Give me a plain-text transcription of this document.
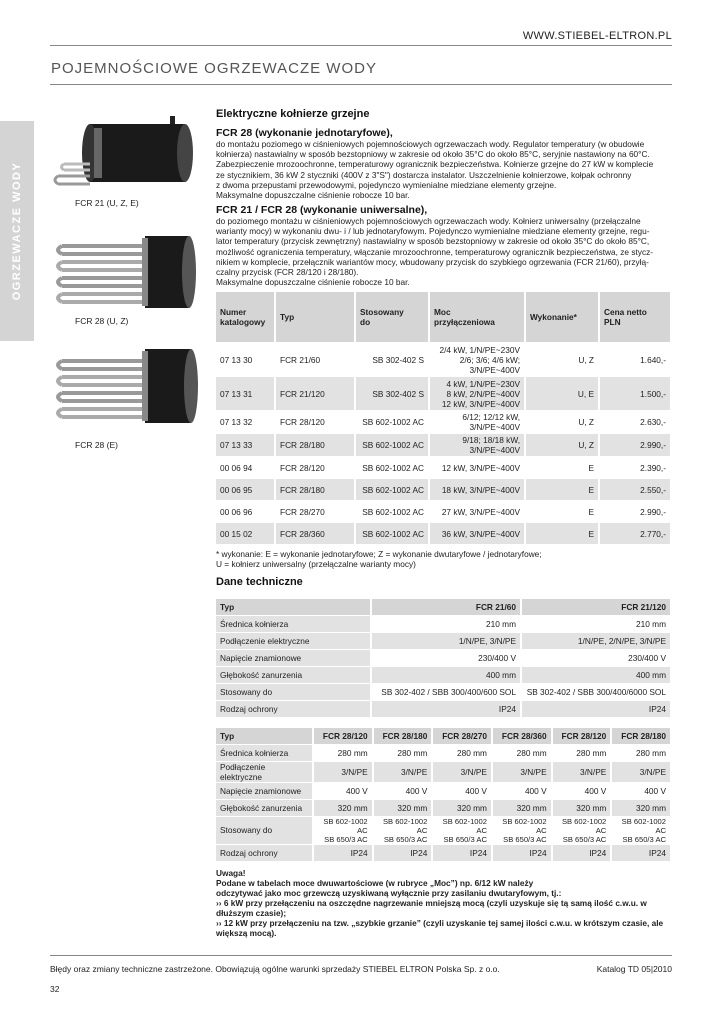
WWW.STIEBEL-ELTRON.PL
POJEMNOŚCIOWE OGRZEWACZE WODY
OGRZEWACZE WODY	FCR 21 (U, Z, E)
FCR 28 (U, Z)
FCR 28 (E)
Elektryczne kołnierze grzejne
FCR 28 (wykonanie jednotaryfowe),
do montażu poziomego w ciśnieniowych pojemnościowych ogrzewaczach wody. Regulator temperatury (w obudowie
kołnierza) nastawialny w sposób bezstopniowy w zakresie od około 35°C do około 85°C, seryjnie nastawiony na 60°C.
Zabezpieczenie mrozoochronne, temperaturowy ogranicznik bezpieczeństwa. Kołnierze grzejne do 27 kW w komplecie
ze stycznikiem, 36 kW 2 styczniki (400V z 3"S") dostarcza instalator. Uszczelnienie kołnierzowe, kołpak ochronny
z dwoma przepustami przewodowymi, pojedynczo wymienialne miedziane elementy grzejne.
Maksymalne dopuszczalne ciśnienie robocze 10 bar.
FCR 21 / FCR 28 (wykonanie uniwersalne),
do poziomego montażu w ciśnieniowych pojemnościowych ogrzewaczach wody. Kołnierz uniwersalny (przełączalne
warianty mocy) w wykonaniu dwu- i / lub jednotaryfowym. Pojedynczo wymienialne miedziane elementy grzejne, regu-
lator temperatury (przycisk zewnętrzny) nastawialny w sposób bezstopniowy w zakresie od około 35°C do około 85°C,
możliwość ograniczenia temperatury, włączanie mrozoochronne, temperaturowy ogranicznik bezpieczeństwa, ze stycz-
nikiem w komplecie, przełącznik wariantów mocy, wbudowany przycisk do szybkiego ogrzewania (FCR 21/60), przyłą-
czalny przycisk (FCR 28/120 i 28/180).
Maksymalne dopuszczalne ciśnienie robocze 10 bar.
Numer
katalogowy	Typ	Stosowany
do	Moc
przyłączeniowa	Wykonanie*	Cena netto
PLN
07 13 30	FCR 21/60	SB 302-402 S	2/4 kW, 1/N/PE~230V
2/6; 3/6; 4/6 kW;
3/N/PE~400V	U, Z	1.640,-
07 13 31	FCR 21/120	SB 302-402 S	4 kW, 1/N/PE~230V
8 kW, 2/N/PE~400V
12 kW, 3/N/PE~400V	U, E	1.500,-
07 13 32	FCR 28/120	SB 602-1002 AC	6/12; 12/12 kW,
3/N/PE~400V	U, Z	2.630,-
07 13 33	FCR 28/180	SB 602-1002 AC	9/18; 18/18 kW,
3/N/PE~400V	U, Z	2.990,-
00 06 94	FCR 28/120	SB 602-1002 AC	12 kW, 3/N/PE~400V	E	2.390,-
00 06 95	FCR 28/180	SB 602-1002 AC	18 kW, 3/N/PE~400V	E	2.550,-
00 06 96	FCR 28/270	SB 602-1002 AC	27 kW, 3/N/PE~400V	E	2.990,-
00 15 02	FCR 28/360	SB 602-1002 AC	36 kW, 3/N/PE~400V	E	2.770,-
* wykonanie: E = wykonanie jednotaryfowe; Z = wykonanie dwutaryfowe / jednotaryfowe;
U = kołnierz uniwersalny (przełączalne warianty mocy)
Dane techniczne
Typ	FCR 21/60	FCR 21/120
Średnica kołnierza	210 mm	210 mm
Podłączenie elektryczne	1/N/PE, 3/N/PE	1/N/PE, 2/N/PE, 3/N/PE
Napięcie znamionowe	230/400 V	230/400 V
Głębokość zanurzenia	400 mm	400 mm
Stosowany do	SB 302-402 / SBB 300/400/600 SOL	SB 302-402 / SBB 300/400/6000 SOL
Rodzaj ochrony	IP24	IP24
Typ	FCR 28/120	FCR 28/180	FCR 28/270	FCR 28/360	FCR 28/120	FCR 28/180
Średnica kołnierza	280 mm	280 mm	280 mm	280 mm	280 mm	280 mm
Podłączenie elektryczne	3/N/PE	3/N/PE	3/N/PE	3/N/PE	3/N/PE	3/N/PE
Napięcie znamionowe	400 V	400 V	400 V	400 V	400 V	400 V
Głębokość zanurzenia	320 mm	320 mm	320 mm	320 mm	320 mm	320 mm
Stosowany do	SB 602-1002 AC
SB 650/3 AC	SB 602-1002 AC
SB 650/3 AC	SB 602-1002 AC
SB 650/3 AC	SB 602-1002 AC
SB 650/3 AC	SB 602-1002 AC
SB 650/3 AC	SB 602-1002 AC
SB 650/3 AC
Rodzaj ochrony	IP24	IP24	IP24	IP24	IP24	IP24
Uwaga!
Podane w tabelach moce dwuwartościowe (w rubryce „Moc”) np. 6/12 kW należy
odczytywać jako moc grzewczą uzyskiwaną wyłącznie przy zasilaniu dwutaryfowym, tj.:
›› 6 kW przy przełączeniu na oszczędne nagrzewanie mniejszą mocą (czyli uzyskuje się tą samą ilość c.w.u. w dłuższym czasie);
›› 12 kW przy przełączeniu na tzw. „szybkie grzanie” (czyli uzyskanie tej samej ilości c.w.u. w krótszym czasie, ale większą mocą).
Błędy oraz zmiany techniczne zastrzeżone. Obowiązują ogólne warunki sprzedaży STIEBEL ELTRON Polska Sp. z o.o.	Katalog TD 05|2010
32
